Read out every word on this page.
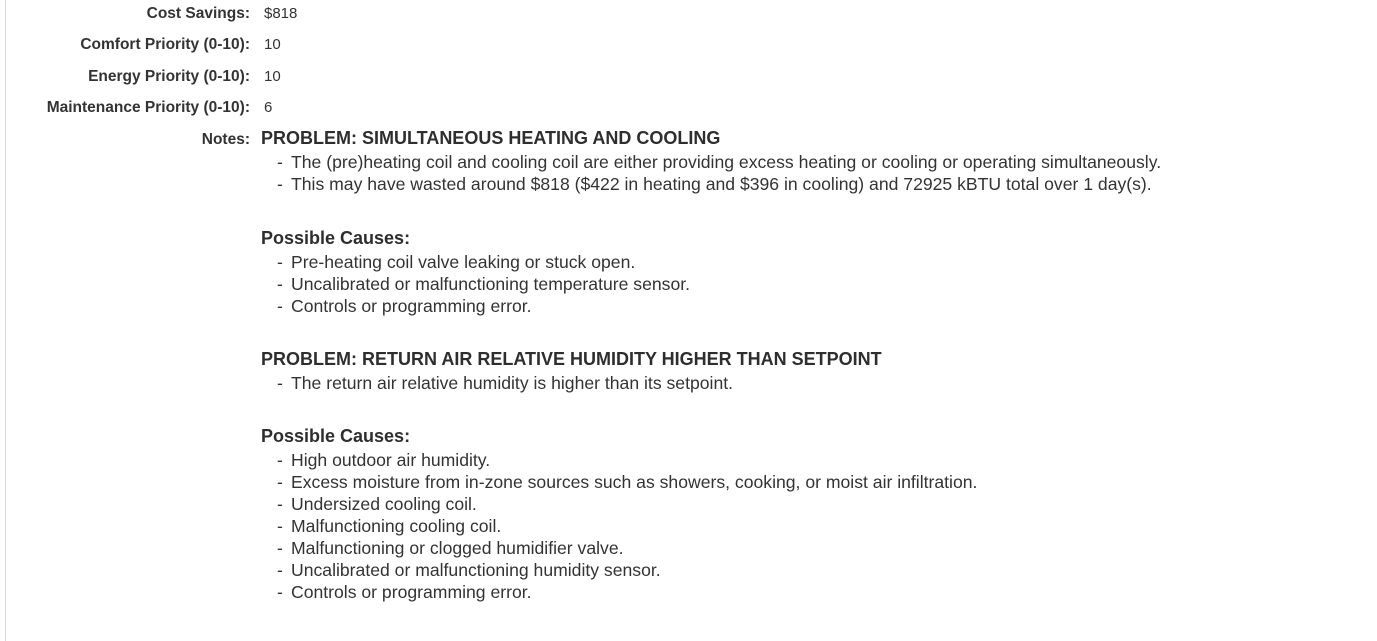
Cost Savings: $818
Comfort Priority (0-10): 10
Energy Priority (0-10): 10
Maintenance Priority (0-10): 6
Notes: PROBLEM: SIMULTANEOUS HEATING AND COOLING

- The (pre)heating coil and cooling coil are either providing excess heating or cooling or operating simultaneously.
- This may have wasted around $818 ($422 in heating and $396 in cooling) and 72925 kBTU total over 1 day(s).

Possible Causes:

- Pre-heating coil valve leaking or stuck open.
- Uncalibrated or malfunctioning temperature sensor.
- Controls or programming error.

PROBLEM: RETURN AIR RELATIVE HUMIDITY HIGHER THAN SETPOINT

- The return air relative humidity is higher than its setpoint.

Possible Causes:

- High outdoor air humidity.
- Excess moisture from in-zone sources such as showers, cooking, or moist air infiltration.
- Undersized cooling coil.
- Malfunctioning cooling coil.
- Malfunctioning or clogged humidifier valve.
- Uncalibrated or malfunctioning humidity sensor.
- Controls or programming error.
